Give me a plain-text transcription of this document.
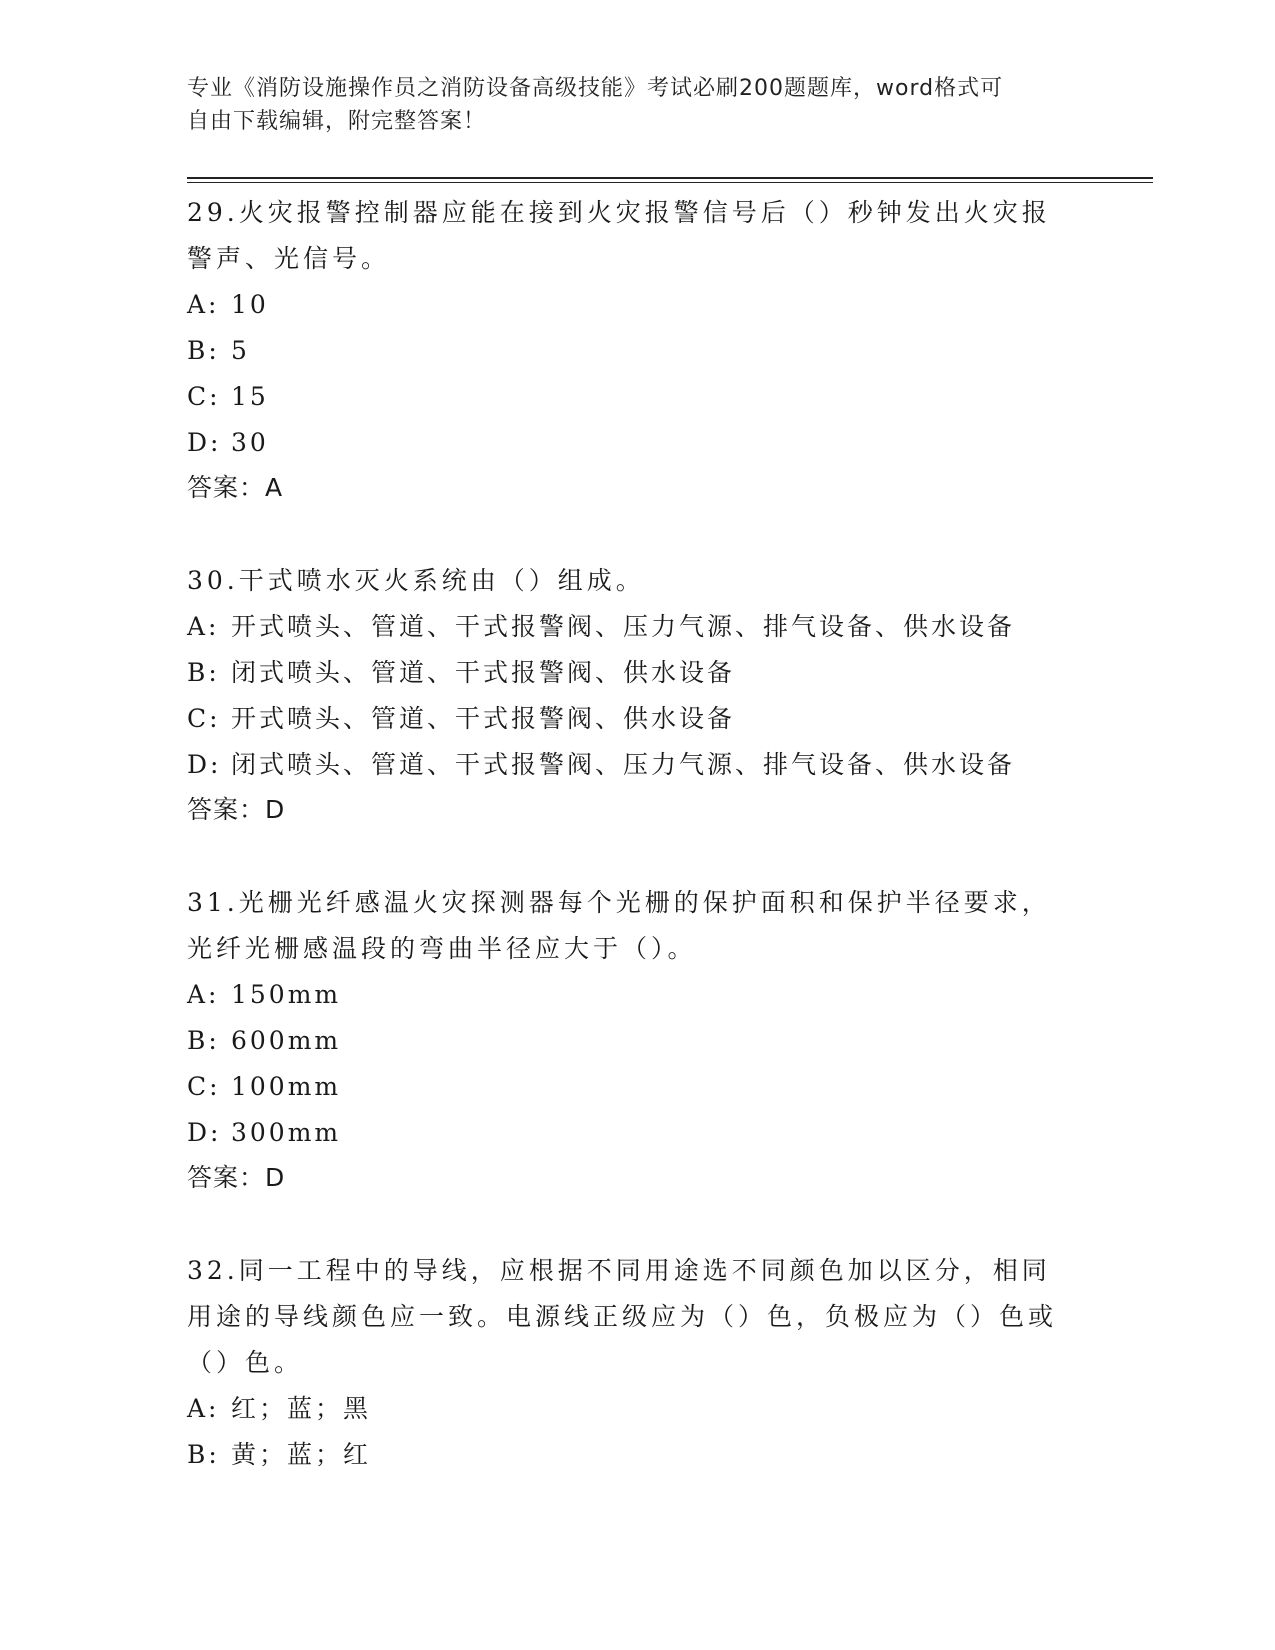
专业《消防设施操作员之消防设备高级技能》考试必刷200题题库，word格式可
自由下载编辑，附完整答案！
29.火灾报警控制器应能在接到火灾报警信号后（）秒钟发出火灾报警声、光信号。
A: 10
B: 5
C: 15
D: 30
答案：A
30.干式喷水灭火系统由（）组成。
A: 开式喷头、管道、干式报警阀、压力气源、排气设备、供水设备
B: 闭式喷头、管道、干式报警阀、供水设备
C: 开式喷头、管道、干式报警阀、供水设备
D: 闭式喷头、管道、干式报警阀、压力气源、排气设备、供水设备
答案：D
31.光栅光纤感温火灾探测器每个光栅的保护面积和保护半径要求，光纤光栅感温段的弯曲半径应大于（）。
A: 150mm
B: 600mm
C: 100mm
D: 300mm
答案：D
32.同一工程中的导线，应根据不同用途选不同颜色加以区分，相同用途的导线颜色应一致。电源线正级应为（）色，负极应为（）色或（）色。
A: 红；蓝；黑
B: 黄；蓝；红
